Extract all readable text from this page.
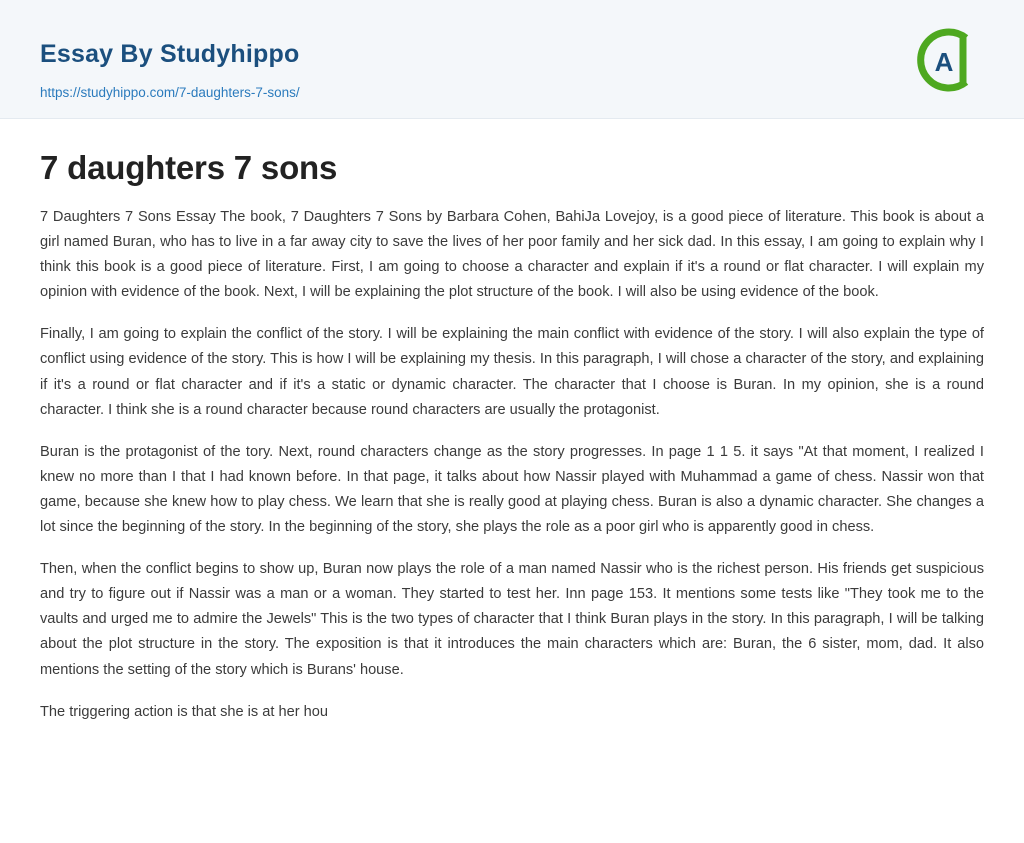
Essay By Studyhippo
https://studyhippo.com/7-daughters-7-sons/
A
7 daughters 7 sons

7 Daughters 7 Sons Essay The book, 7 Daughters 7 Sons by Barbara Cohen, BahiJa Lovejoy, is a good piece of literature. This book is about a girl named Buran, who has to live in a far away city to save the lives of her poor family and her sick dad. In this essay, I am going to explain why I think this book is a good piece of literature. First, I am going to choose a character and explain if it's a round or flat character. I will explain my opinion with evidence of the book. Next, I will be explaining the plot structure of the book. I will also be using evidence of the book.

Finally, I am going to explain the conflict of the story. I will be explaining the main conflict with evidence of the story. I will also explain the type of conflict using evidence of the story. This is how I will be explaining my thesis. In this paragraph, I will chose a character of the story, and explaining if it's a round or flat character and if it's a static or dynamic character. The character that I choose is Buran. In my opinion, she is a round character. I think she is a round character because round characters are usually the protagonist.

Buran is the protagonist of the tory. Next, round characters change as the story progresses. In page 1 1 5. it says "At that moment, I realized I knew no more than I that I had known before. In that page, it talks about how Nassir played with Muhammad a game of chess. Nassir won that game, because she knew how to play chess. We learn that she is really good at playing chess. Buran is also a dynamic character. She changes a lot since the beginning of the story. In the beginning of the story, she plays the role as a poor girl who is apparently good in chess.

Then, when the conflict begins to show up, Buran now plays the role of a man named Nassir who is the richest person. His friends get suspicious and try to figure out if Nassir was a man or a woman. They started to test her. Inn page 153. It mentions some tests like "They took me to the vaults and urged me to admire the Jewels" This is the two types of character that I think Buran plays in the story. In this paragraph, I will be talking about the plot structure in the story. The exposition is that it introduces the main characters which are: Buran, the 6 sister, mom, dad. It also mentions the setting of the story which is Burans' house.

The triggering action is that she is at her hou
